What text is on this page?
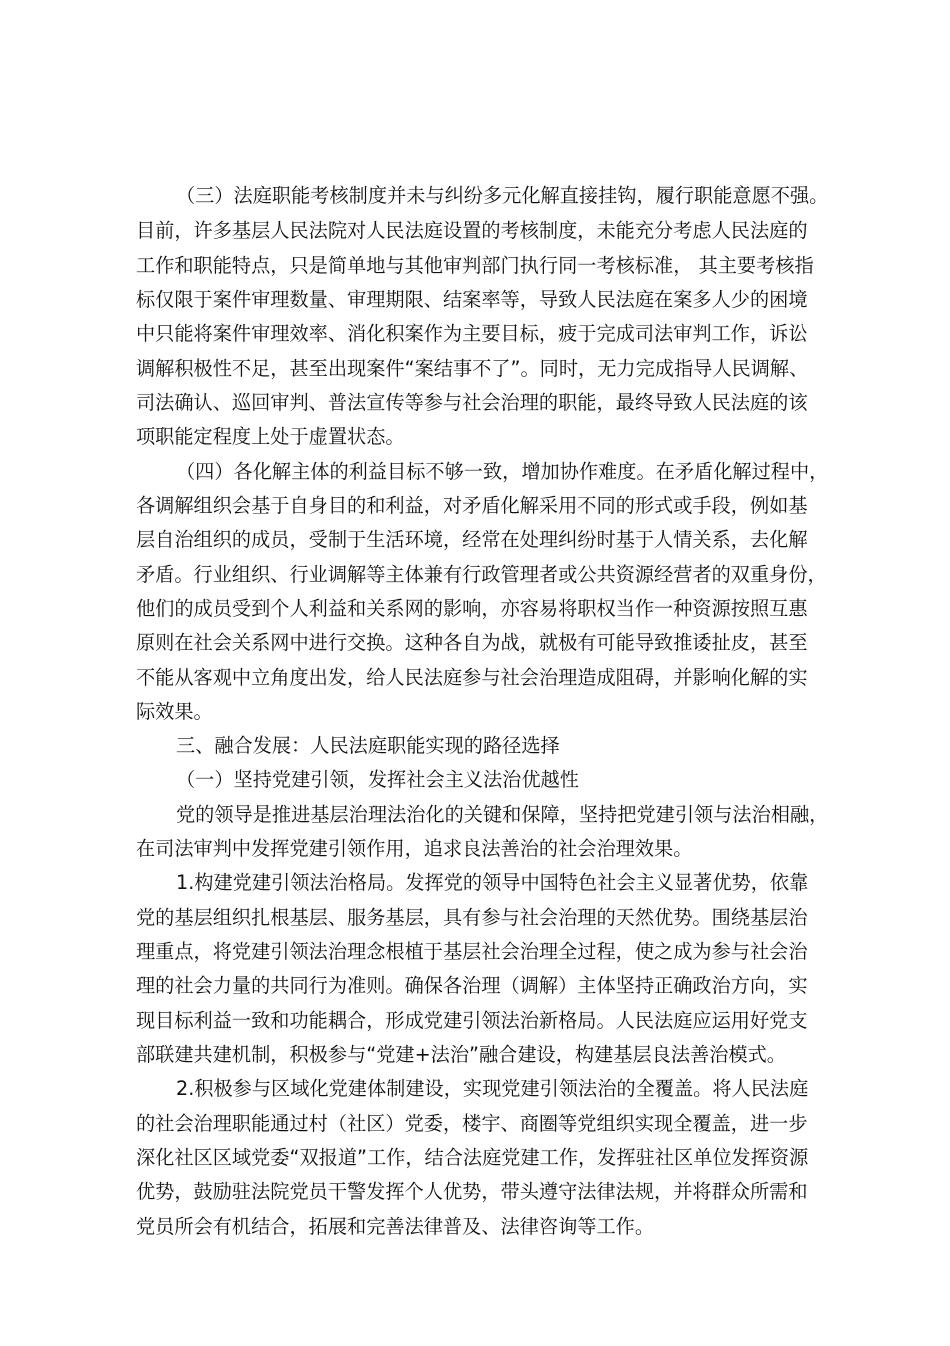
（三）法庭职能考核制度并未与纠纷多元化解直接挂钩，履行职能意愿不强。
目前，许多基层人民法院对人民法庭设置的考核制度，未能充分考虑人民法庭的
工作和职能特点，只是简单地与其他审判部门执行同一考核标准， 其主要考核指
标仅限于案件审理数量、审理期限、结案率等，导致人民法庭在案多人少的困境
中只能将案件审理效率、消化积案作为主要目标，疲于完成司法审判工作，诉讼
调解积极性不足，甚至出现案件“案结事不了”。同时，无力完成指导人民调解、
司法确认、巡回审判、普法宣传等参与社会治理的职能，最终导致人民法庭的该
项职能定程度上处于虚置状态。
（四）各化解主体的利益目标不够一致，增加协作难度。在矛盾化解过程中，
各调解组织会基于自身目的和利益，对矛盾化解采用不同的形式或手段，例如基
层自治组织的成员，受制于生活环境，经常在处理纠纷时基于人情关系，去化解
矛盾。行业组织、行业调解等主体兼有行政管理者或公共资源经营者的双重身份，
他们的成员受到个人利益和关系网的影响，亦容易将职权当作一种资源按照互惠
原则在社会关系网中进行交换。这种各自为战，就极有可能导致推诿扯皮，甚至
不能从客观中立角度出发，给人民法庭参与社会治理造成阻碍，并影响化解的实
际效果。
三、融合发展：人民法庭职能实现的路径选择
（一）坚持党建引领，发挥社会主义法治优越性
党的领导是推进基层治理法治化的关键和保障，坚持把党建引领与法治相融，
在司法审判中发挥党建引领作用，追求良法善治的社会治理效果。
1.构建党建引领法治格局。发挥党的领导中国特色社会主义显著优势，依靠
党的基层组织扎根基层、服务基层，具有参与社会治理的天然优势。围绕基层治
理重点，将党建引领法治理念根植于基层社会治理全过程，使之成为参与社会治
理的社会力量的共同行为准则。确保各治理（调解）主体坚持正确政治方向，实
现目标利益一致和功能耦合，形成党建引领法治新格局。人民法庭应运用好党支
部联建共建机制，积极参与“党建+法治”融合建设，构建基层良法善治模式。
2.积极参与区域化党建体制建设，实现党建引领法治的全覆盖。将人民法庭
的社会治理职能通过村（社区）党委，楼宇、商圈等党组织实现全覆盖，进一步
深化社区区域党委“双报道”工作，结合法庭党建工作，发挥驻社区单位发挥资源
优势，鼓励驻法院党员干警发挥个人优势，带头遵守法律法规，并将群众所需和
党员所会有机结合，拓展和完善法律普及、法律咨询等工作。
